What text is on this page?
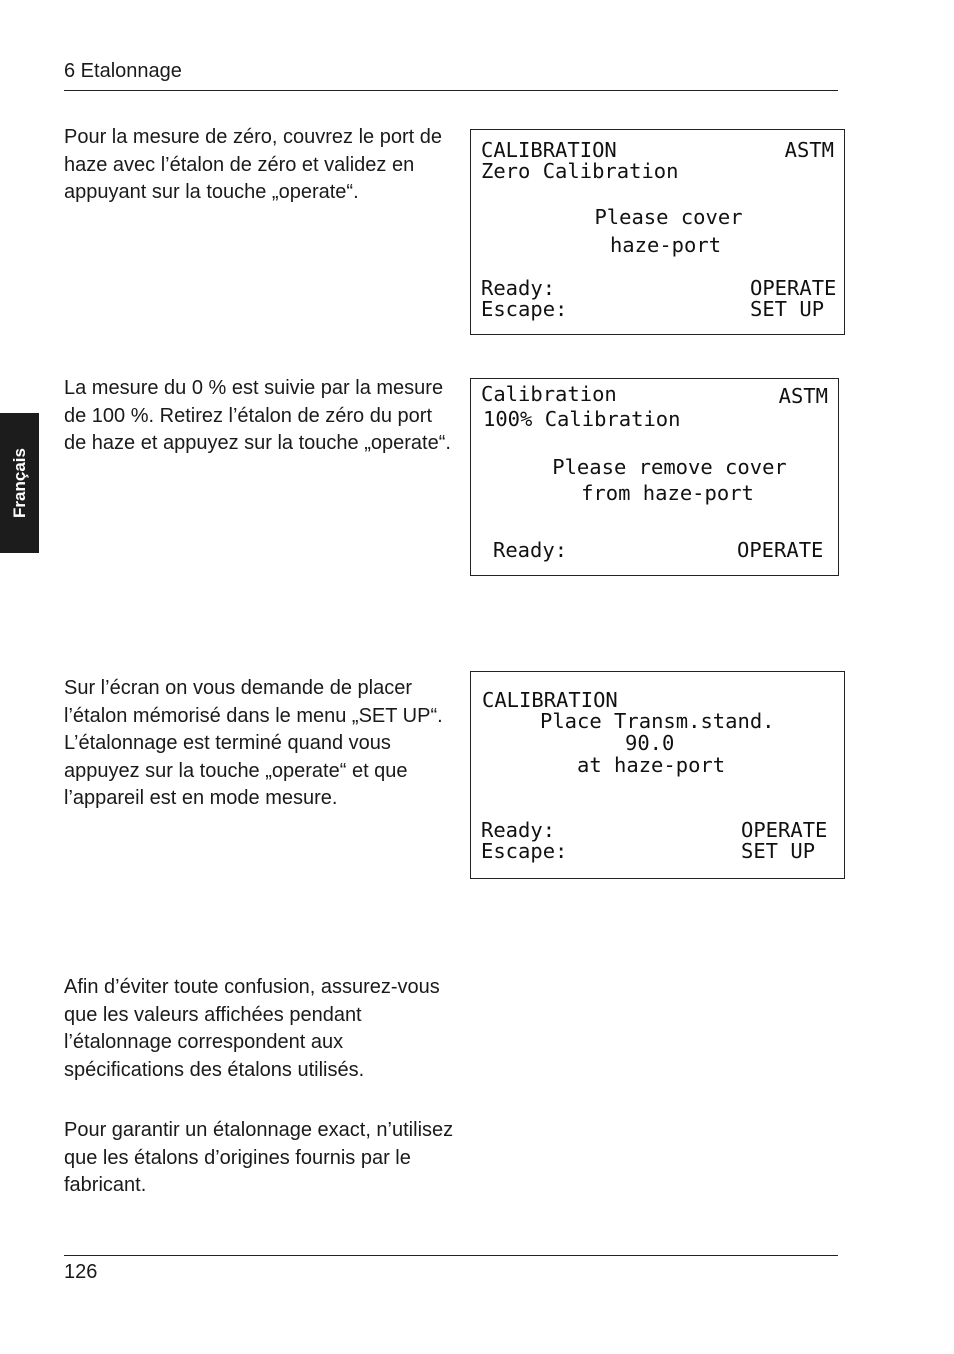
6 Etalonnage
Français

Pour la mesure de zéro, couvrez le port de haze avec l’étalon de zéro et validez en appuyant sur la touche „operate“.

La mesure du 0 % est suivie par la mesure de 100 %. Retirez l’étalon de zéro du port de haze et appuyez sur la touche „operate“.

Sur l’écran on vous demande de placer l’étalon mémorisé dans le menu „SET UP“. L’étalonnage est terminé quand vous appuyez sur la touche „operate“ et que l’appareil est en mode mesure.

Afin d’éviter toute confusion, assurez-vous que les valeurs affichées pendant l’étalonnage correspondent aux spécifications des étalons utilisés.

Pour garantir un étalonnage exact, n’utilisez que les étalons d’origines fournis par le fabricant.

CALIBRATION	ASTM
Zero Calibration
Please cover
haze-port
Ready:	OPERATE
Escape:	SET UP
Calibration	ASTM
100% Calibration
Please remove cover
from haze-port
Ready:	OPERATE
CALIBRATION
Place Transm.stand.
90.0
at haze-port
Ready:	OPERATE
Escape:	SET UP
126
